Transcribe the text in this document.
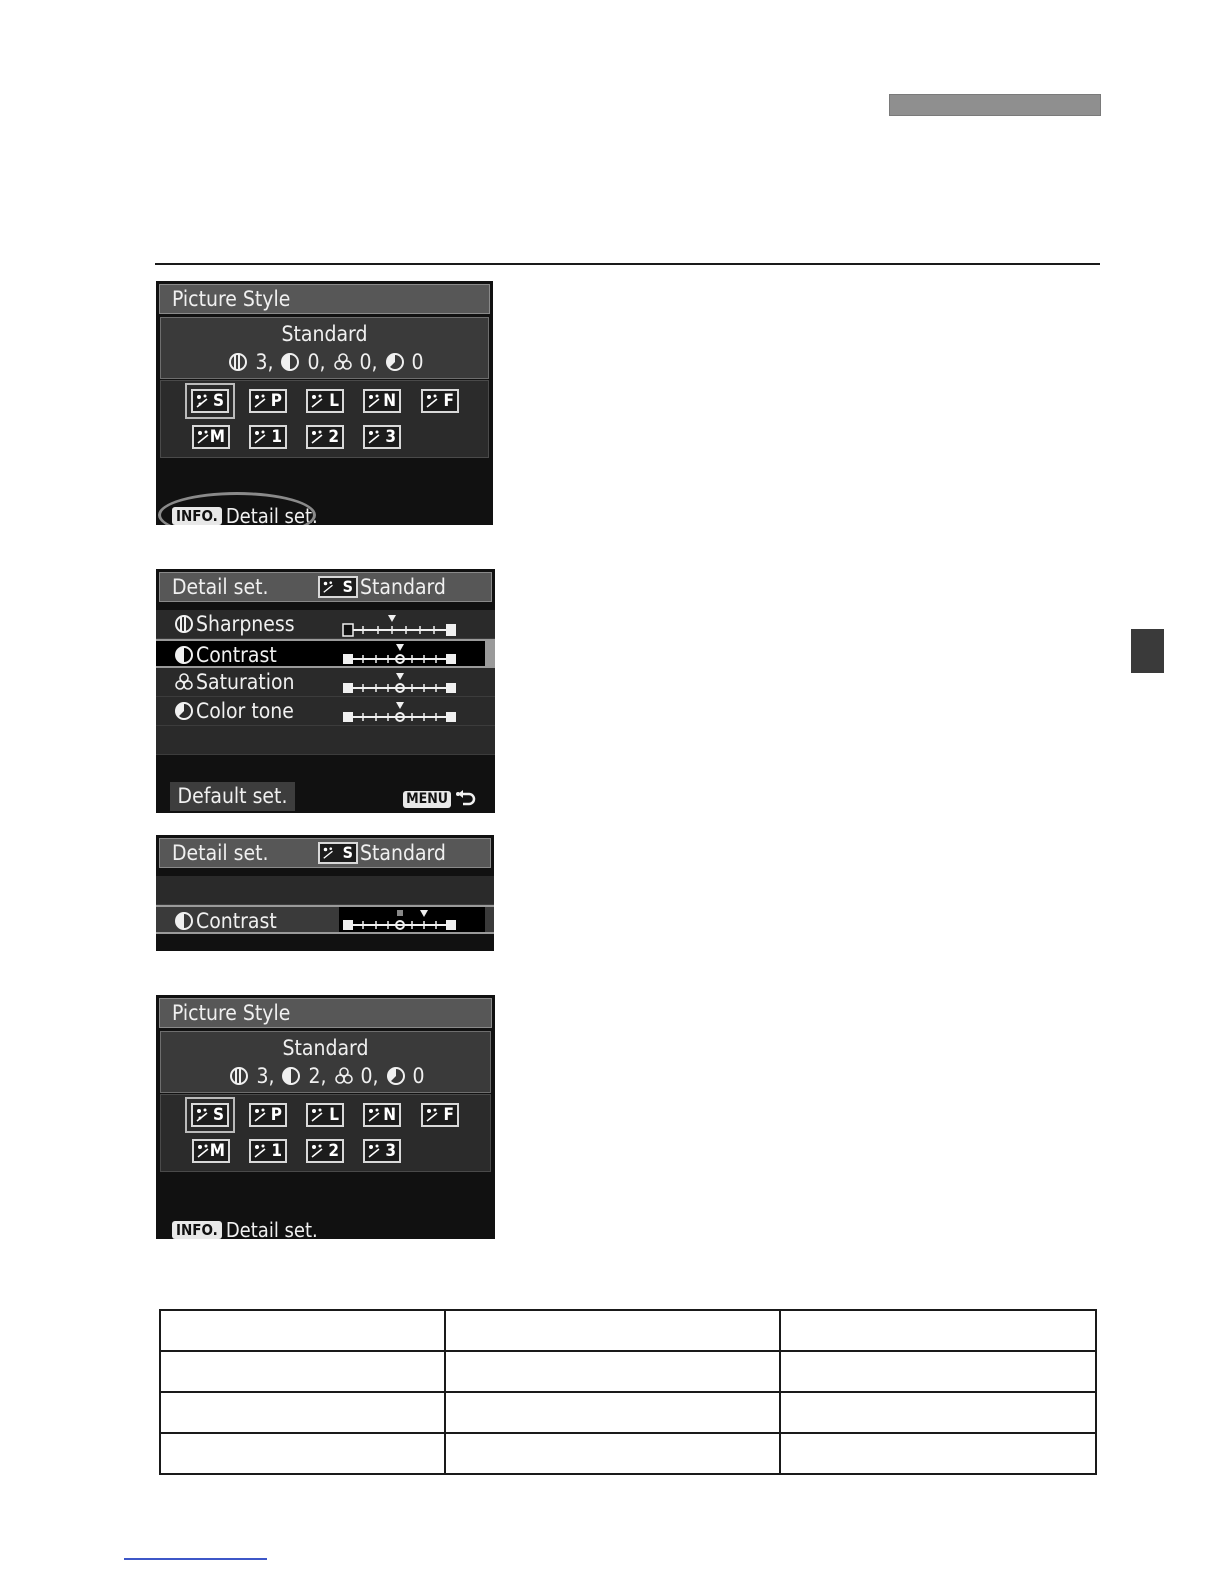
Picture Style
Standard
3, 0, 0, 0
S	P	L	N	F
M	1	2	3
INFO. Detail set.
Detail set.	S Standard
Sharpness
Contrast
Saturation
Color tone
Default set.	MENU
Detail set.	S Standard
Contrast
Picture Style
Standard
3, 2, 0, 0
S	P	L	N	F
M	1	2	3
INFO. Detail set.
